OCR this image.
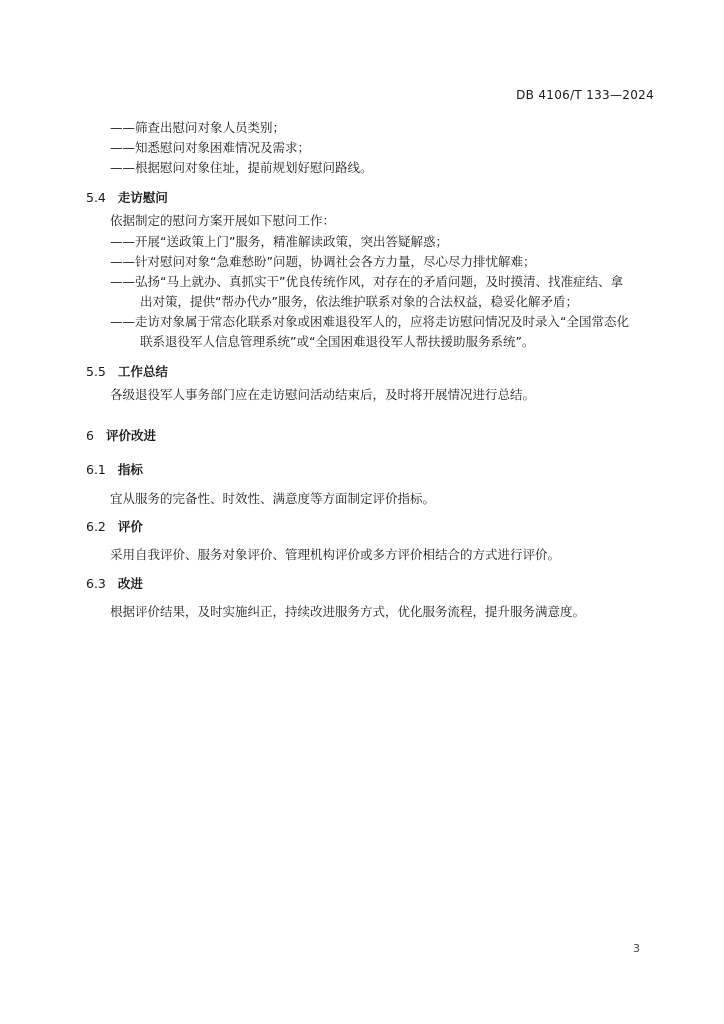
DB 4106/T 133—2024
——筛查出慰问对象人员类别；
——知悉慰问对象困难情况及需求；
——根据慰问对象住址，提前规划好慰问路线。
5.4 走访慰问
依据制定的慰问方案开展如下慰问工作：
——开展“送政策上门”服务，精准解读政策，突出答疑解惑；
——针对慰问对象“急难愁盼”问题，协调社会各方力量，尽心尽力排忧解难；
——弘扬“马上就办、真抓实干”优良传统作风，对存在的矛盾问题，及时摸清、找准症结、拿
出对策，提供“帮办代办”服务，依法维护联系对象的合法权益，稳妥化解矛盾；
——走访对象属于常态化联系对象或困难退役军人的，应将走访慰问情况及时录入“全国常态化
联系退役军人信息管理系统”或“全国困难退役军人帮扶援助服务系统”。
5.5 工作总结
各级退役军人事务部门应在走访慰问活动结束后，及时将开展情况进行总结。
6 评价改进
6.1 指标
宜从服务的完备性、时效性、满意度等方面制定评价指标。
6.2 评价
采用自我评价、服务对象评价、管理机构评价或多方评价相结合的方式进行评价。
6.3 改进
根据评价结果，及时实施纠正，持续改进服务方式，优化服务流程，提升服务满意度。
3
